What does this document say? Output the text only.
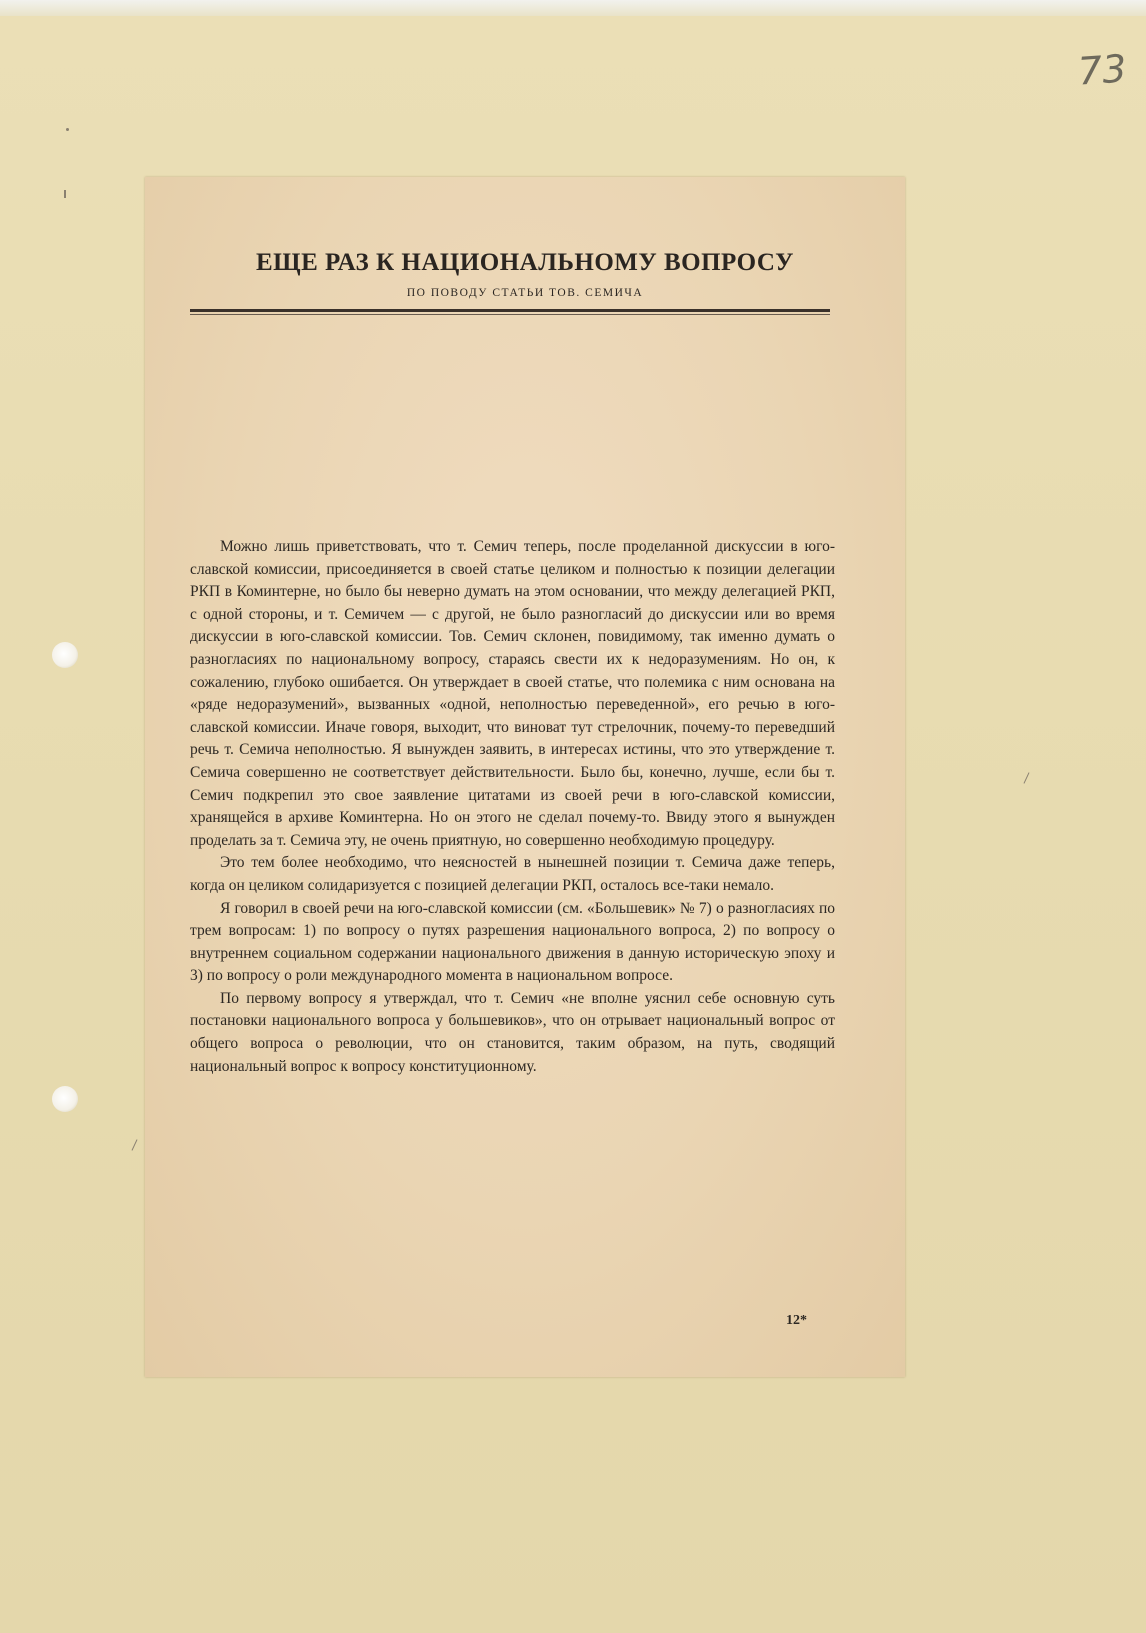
73
ЕЩЕ РАЗ К НАЦИОНАЛЬНОМУ ВОПРОСУ
ПО ПОВОДУ СТАТЬИ ТОВ. СЕМИЧА

Можно лишь приветствовать, что т. Семич теперь, после проделанной дискуссии в юго-славской комиссии, присоединяется в своей статье целиком и полностью к позиции делегации РКП в Коминтерне, но было бы неверно думать на этом основании, что между делегацией РКП, с одной стороны, и т. Семичем — с другой, не было разногласий до дискуссии или во время дискуссии в юго-славской комиссии. Тов. Семич склонен, повидимому, так именно думать о разногласиях по национальному вопросу, стараясь свести их к недоразумениям. Но он, к сожалению, глубоко ошибается. Он утверждает в своей статье, что полемика с ним основана на «ряде недоразумений», вызванных «одной, неполностью переведенной», его речью в юго-славской комиссии. Иначе говоря, выходит, что виноват тут стрелочник, почему-то переведший речь т. Семича неполностью. Я вынужден заявить, в интересах истины, что это утверждение т. Семича совершенно не соответствует действительности. Было бы, конечно, лучше, если бы т. Семич подкрепил это свое заявление цитатами из своей речи в юго-славской комиссии, хранящейся в архиве Коминтерна. Но он этого не сделал почему-то. Ввиду этого я вынужден проделать за т. Семича эту, не очень приятную, но совершенно необходимую процедуру.

Это тем более необходимо, что неясностей в нынешней позиции т. Семича даже теперь, когда он целиком солидаризуется с позицией делегации РКП, осталось все-таки немало.

Я говорил в своей речи на юго-славской комиссии (см. «Большевик» № 7) о разногласиях по трем вопросам: 1) по вопросу о путях разрешения национального вопроса, 2) по вопросу о внутреннем социальном содержании национального движения в данную историческую эпоху и 3) по вопросу о роли международного момента в национальном вопросе.

По первому вопросу я утверждал, что т. Семич «не вполне уяснил себе основную суть постановки национального вопроса у большевиков», что он отрывает национальный вопрос от общего вопроса о революции, что он становится, таким образом, на путь, сводящий национальный вопрос к вопросу конституционному.

12*
